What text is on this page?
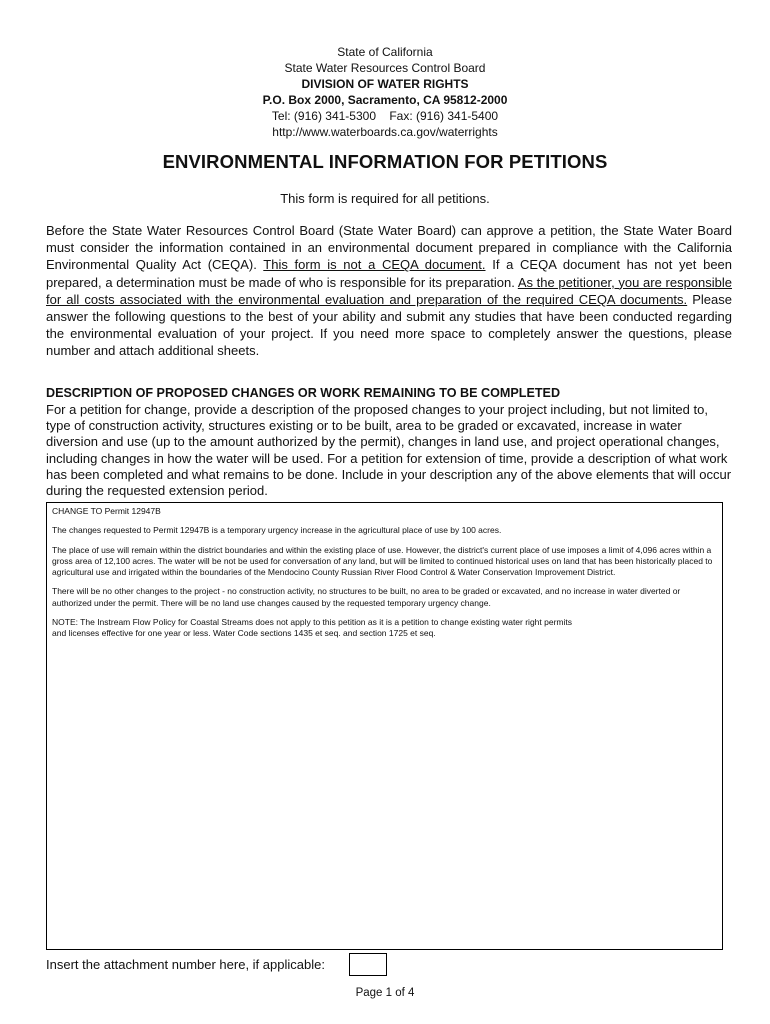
State of California
State Water Resources Control Board
DIVISION OF WATER RIGHTS
P.O. Box 2000, Sacramento, CA 95812-2000
Tel: (916) 341-5300    Fax: (916) 341-5400
http://www.waterboards.ca.gov/waterrights
ENVIRONMENTAL INFORMATION FOR PETITIONS
This form is required for all petitions.
Before the State Water Resources Control Board (State Water Board) can approve a petition, the State Water Board must consider the information contained in an environmental document prepared in compliance with the California Environmental Quality Act (CEQA). This form is not a CEQA document. If a CEQA document has not yet been prepared, a determination must be made of who is responsible for its preparation. As the petitioner, you are responsible for all costs associated with the environmental evaluation and preparation of the required CEQA documents. Please answer the following questions to the best of your ability and submit any studies that have been conducted regarding the environmental evaluation of your project. If you need more space to completely answer the questions, please number and attach additional sheets.
DESCRIPTION OF PROPOSED CHANGES OR WORK REMAINING TO BE COMPLETED
For a petition for change, provide a description of the proposed changes to your project including, but not limited to, type of construction activity, structures existing or to be built, area to be graded or excavated, increase in water diversion and use (up to the amount authorized by the permit), changes in land use, and project operational changes, including changes in how the water will be used. For a petition for extension of time, provide a description of what work has been completed and what remains to be done. Include in your description any of the above elements that will occur during the requested extension period.

CHANGE TO Permit 12947B

The changes requested to Permit 12947B is a temporary urgency increase in the agricultural place of use by 100 acres.

The place of use will remain within the district boundaries and within the existing place of use. However, the district's current place of use imposes a limit of 4,096 acres within a gross area of 12,100 acres. The water will be not be used for conversation of any land, but will be limited to continued historical uses on land that has been historically placed to agricultural use and irrigated within the boundaries of the Mendocino County Russian River Flood Control & Water Conservation Improvement District.

There will be no other changes to the project - no construction activity, no structures to be built, no area to be graded or excavated, and no increase in water diverted or authorized under the permit. There will be no land use changes caused by the requested temporary urgency change.

NOTE: The Instream Flow Policy for Coastal Streams does not apply to this petition as it is a petition to change existing water right permits
and licenses effective for one year or less. Water Code sections 1435 et seq. and section 1725 et seq.

Insert the attachment number here, if applicable:
Page 1 of 4
